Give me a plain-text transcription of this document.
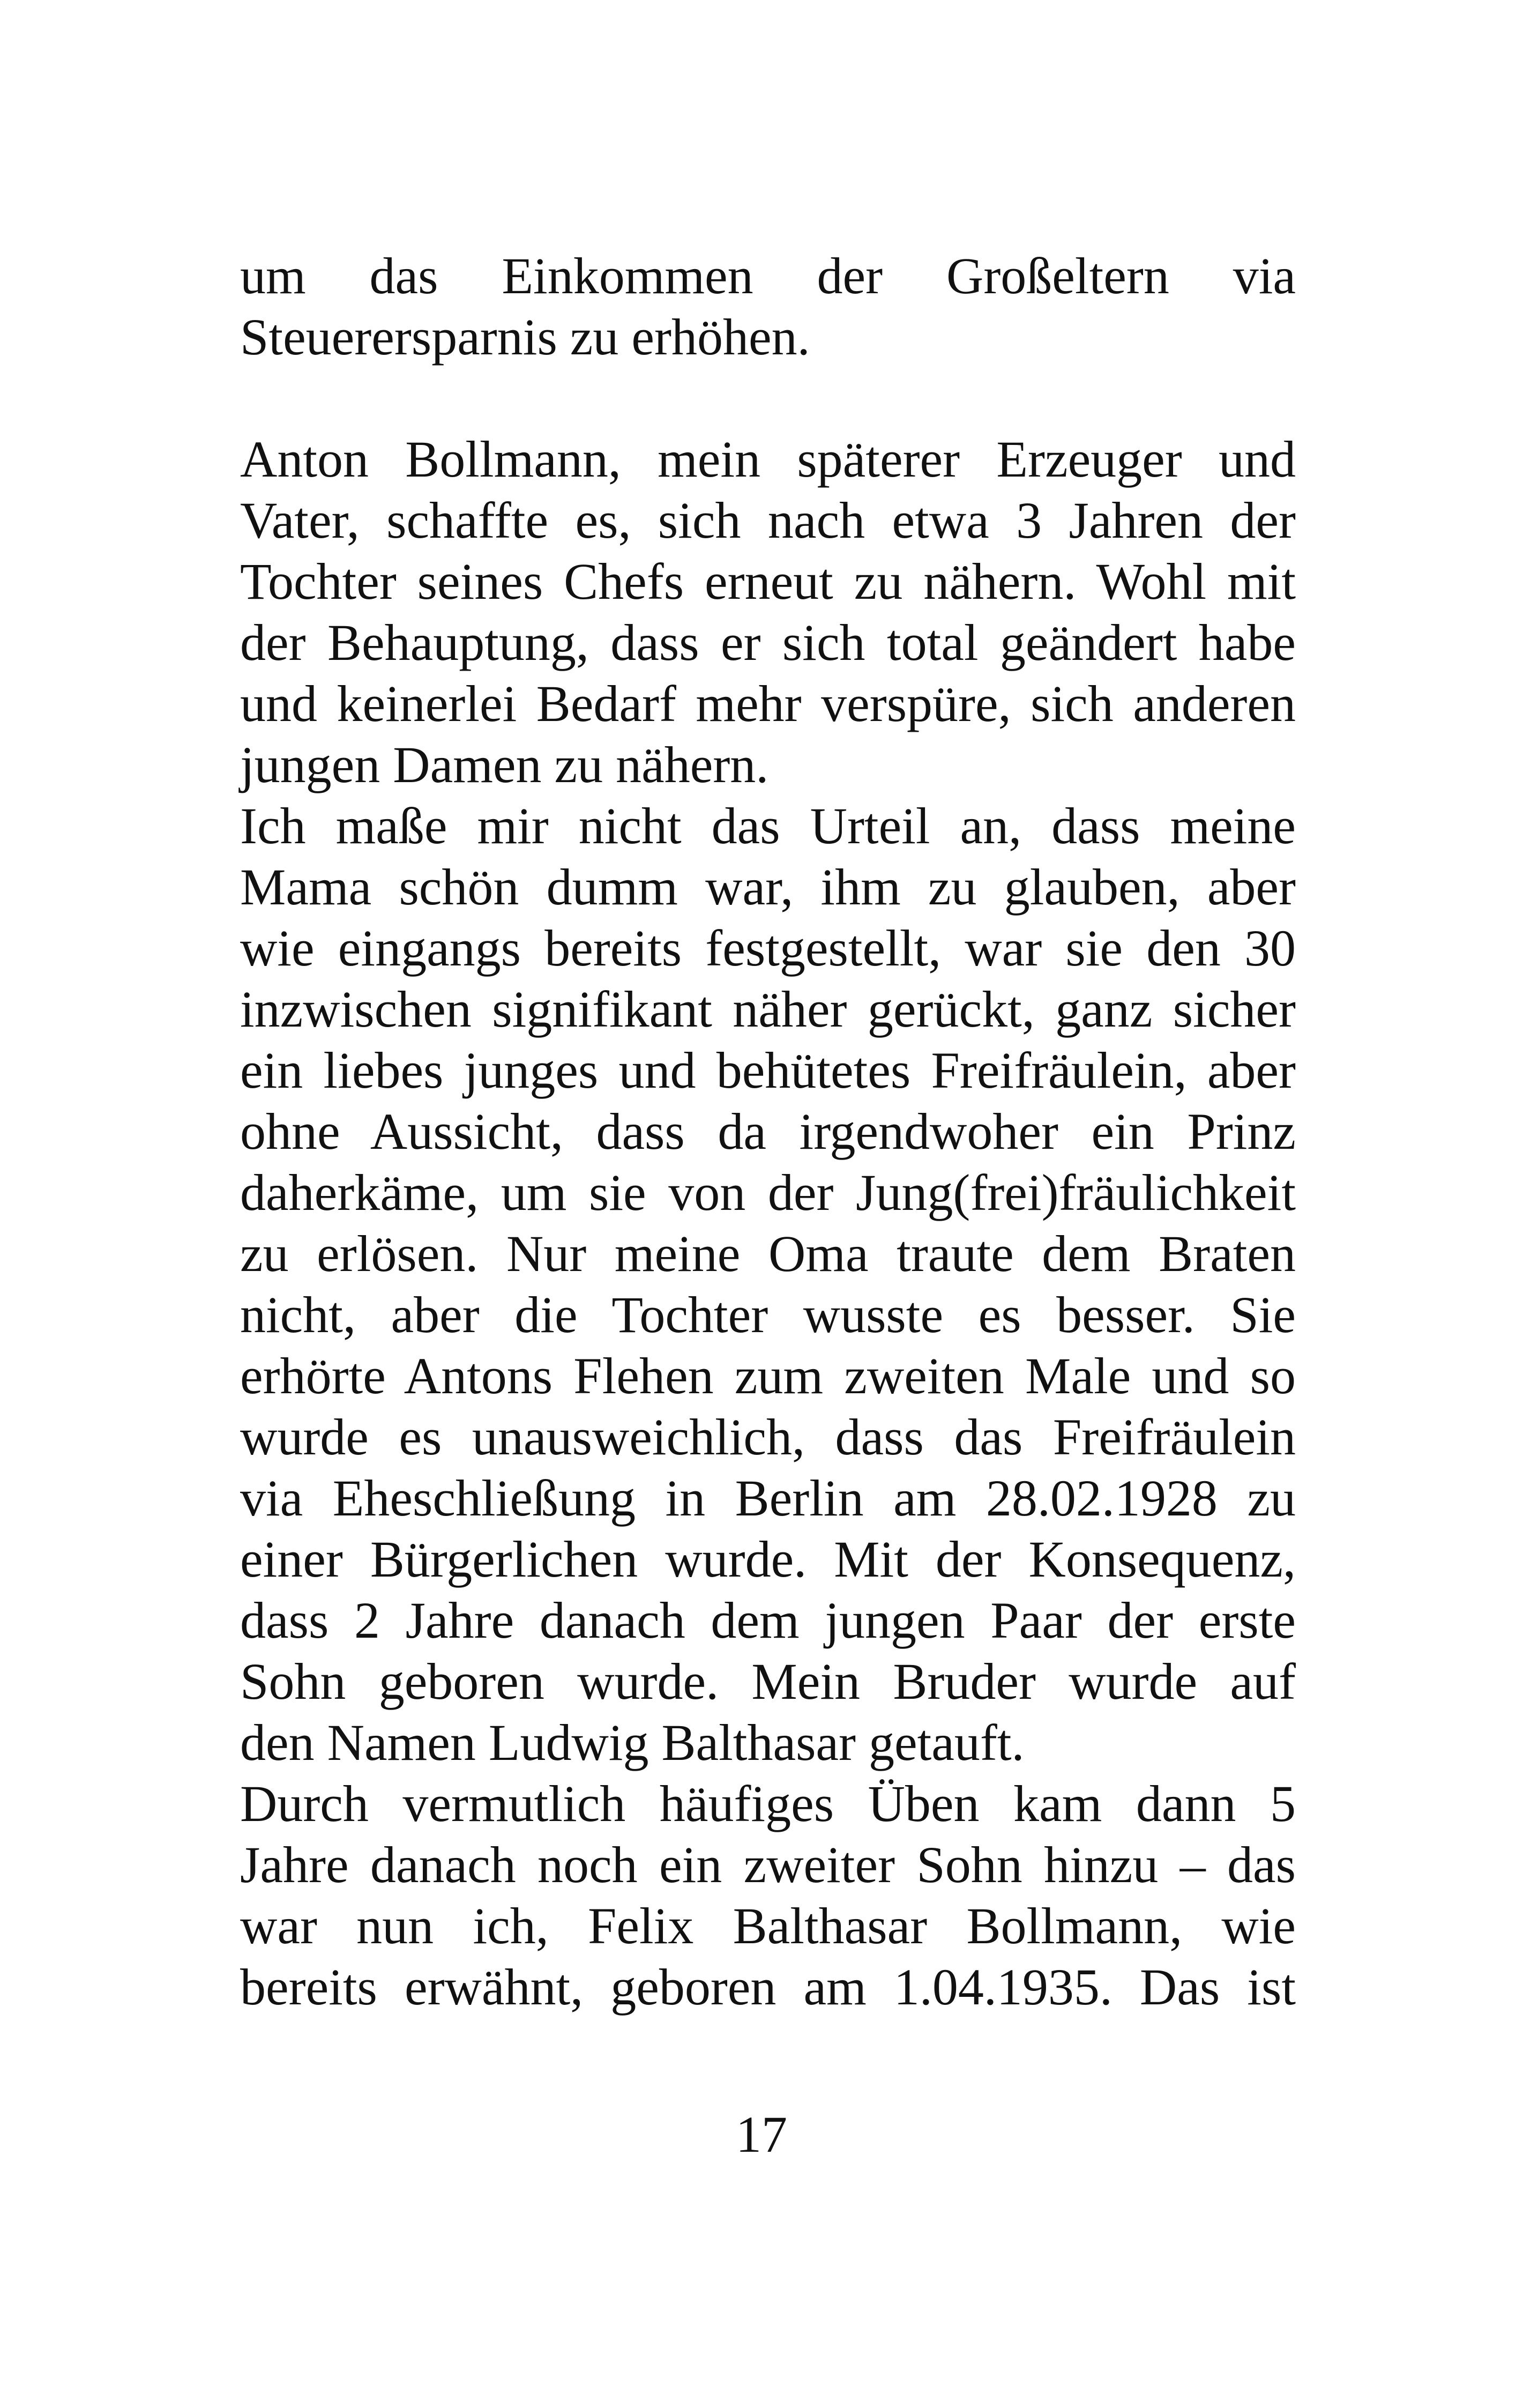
um das Einkommen der Großeltern via
Steuerersparnis zu erhöhen.
Anton Bollmann, mein späterer Erzeuger und
Vater, schaffte es, sich nach etwa 3 Jahren der
Tochter seines Chefs erneut zu nähern. Wohl mit
der Behauptung, dass er sich total geändert habe
und keinerlei Bedarf mehr verspüre, sich anderen
jungen Damen zu nähern.
Ich maße mir nicht das Urteil an, dass meine
Mama schön dumm war, ihm zu glauben, aber
wie eingangs bereits festgestellt, war sie den 30
inzwischen signifikant näher gerückt, ganz sicher
ein liebes junges und behütetes Freifräulein, aber
ohne Aussicht, dass da irgendwoher ein Prinz
daherkäme, um sie von der Jung(frei)fräulichkeit
zu erlösen. Nur meine Oma traute dem Braten
nicht, aber die Tochter wusste es besser. Sie
erhörte Antons Flehen zum zweiten Male und so
wurde es unausweichlich, dass das Freifräulein
via Eheschließung in Berlin am 28.02.1928 zu
einer Bürgerlichen wurde. Mit der Konsequenz,
dass 2 Jahre danach dem jungen Paar der erste
Sohn geboren wurde. Mein Bruder wurde auf
den Namen Ludwig Balthasar getauft.
Durch vermutlich häufiges Üben kam dann 5
Jahre danach noch ein zweiter Sohn hinzu – das
war nun ich, Felix Balthasar Bollmann, wie
bereits erwähnt, geboren am 1.04.1935. Das ist
17
